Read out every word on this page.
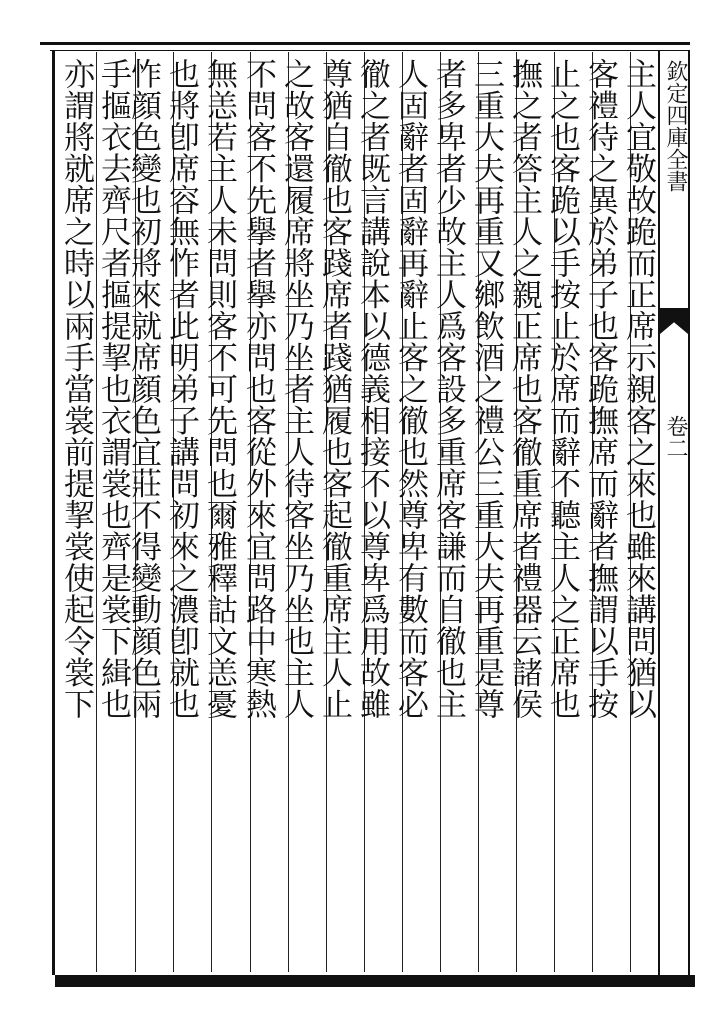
欽定四庫全書
卷二
主人宜敬故跪而正席示親客之來也雖來講問猶以
客禮待之異於弟子也客跪撫席而辭者撫謂以手按
止之也客跪以手按止於席而辭不聽主人之正席也
撫之者答主人之親正席也客徹重席者禮器云諸侯
三重大夫再重又鄉飲酒之禮公三重大夫再重是尊
者多卑者少故主人爲客設多重席客謙而自徹也主
人固辭者固辭再辭止客之徹也然尊卑有數而客必
徹之者既言講說本以德義相接不以尊卑爲用故雖
尊猶自徹也客踐席者踐猶履也客起徹重席主人止
之故客還履席將坐乃坐者主人待客坐乃坐也主人
不問客不先擧者擧亦問也客從外來宜問路中寒熱
無恙若主人未問則客不可先問也爾雅釋詁文恙憂
也將卽席容無怍者此明弟子講問初來之濃卽就也
怍顔色變也初將來就席顔色宜莊不得變動顔色兩
手摳衣去齊尺者摳提挈也衣謂裳也齊是裳下緝也
亦謂將就席之時以兩手當裳前提挈裳使起令裳下
